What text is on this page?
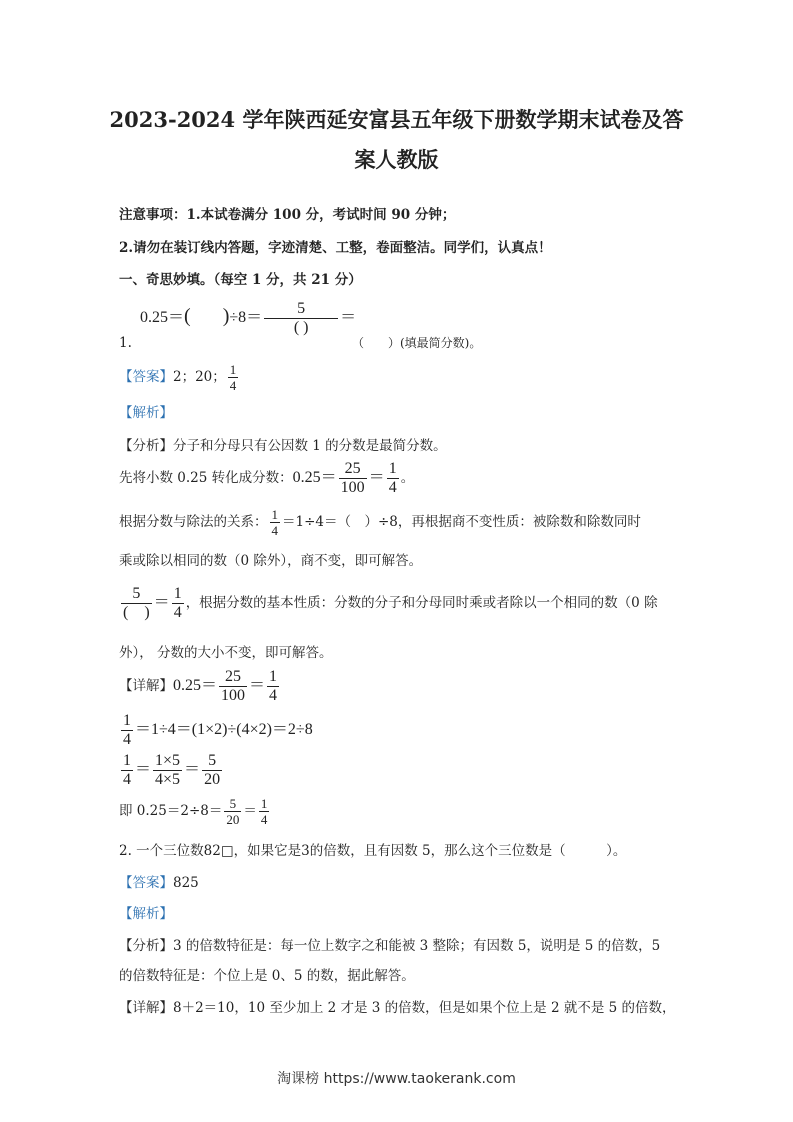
2023-2024 学年陕西延安富县五年级下册数学期末试卷及答
案人教版
注意事项：1.本试卷满分 100 分，考试时间 90 分钟；
2.请勿在装订线内答题，字迹清楚、工整，卷面整洁。同学们，认真点！
一、奇思妙填。（每空 1 分，共 21 分）
0.25＝( )$\div 8= \frac{5}{( )}$ ＝
1.	（　　）(填最简分数)。
【答案】2；20； $\frac{1}{4}$
【解析】
【分析】分子和分母只有公因数 1 的分数是最简分数。
先将小数 0.25 转化成分数：$0.25= \frac{25}{100} = \frac{1}{4}$ 。
根据分数与除法的关系： $\frac{1}{4} =1\div 4=$（　）÷8，再根据商不变性质：被除数和除数同时
乘或除以相同的数（0 除外），商不变，即可解答。
$\frac{5}{( )} = \frac{1}{4}$ ，根据分数的基本性质：分数的分子和分母同时乘或者除以一个相同的数（0 除
外）， 分数的大小不变，即可解答。
【详解】$0.25= \frac{25}{100} = \frac{1}{4}$
$\frac{1}{4} =1\div 4=(1\times 2)\div(4\times 2)=2\div 8$
$\frac{1}{4} = \frac{1\times 5}{4\times 5} = \frac{5}{20}$
即 $0.25=2\div 8= \frac{5}{20} = \frac{1}{4}$
2. 一个三位数82□，如果它是3的倍数，且有因数 5，那么这个三位数是（　　　）。
【答案】825
【解析】
【分析】3 的倍数特征是：每一位上数字之和能被 3 整除；有因数 5，说明是 5 的倍数，5
的倍数特征是：个位上是 0、5 的数，据此解答。
【详解】8＋2＝10，10 至少加上 2 才是 3 的倍数，但是如果个位上是 2 就不是 5 的倍数，
淘课榜 https://www.taokerank.com
